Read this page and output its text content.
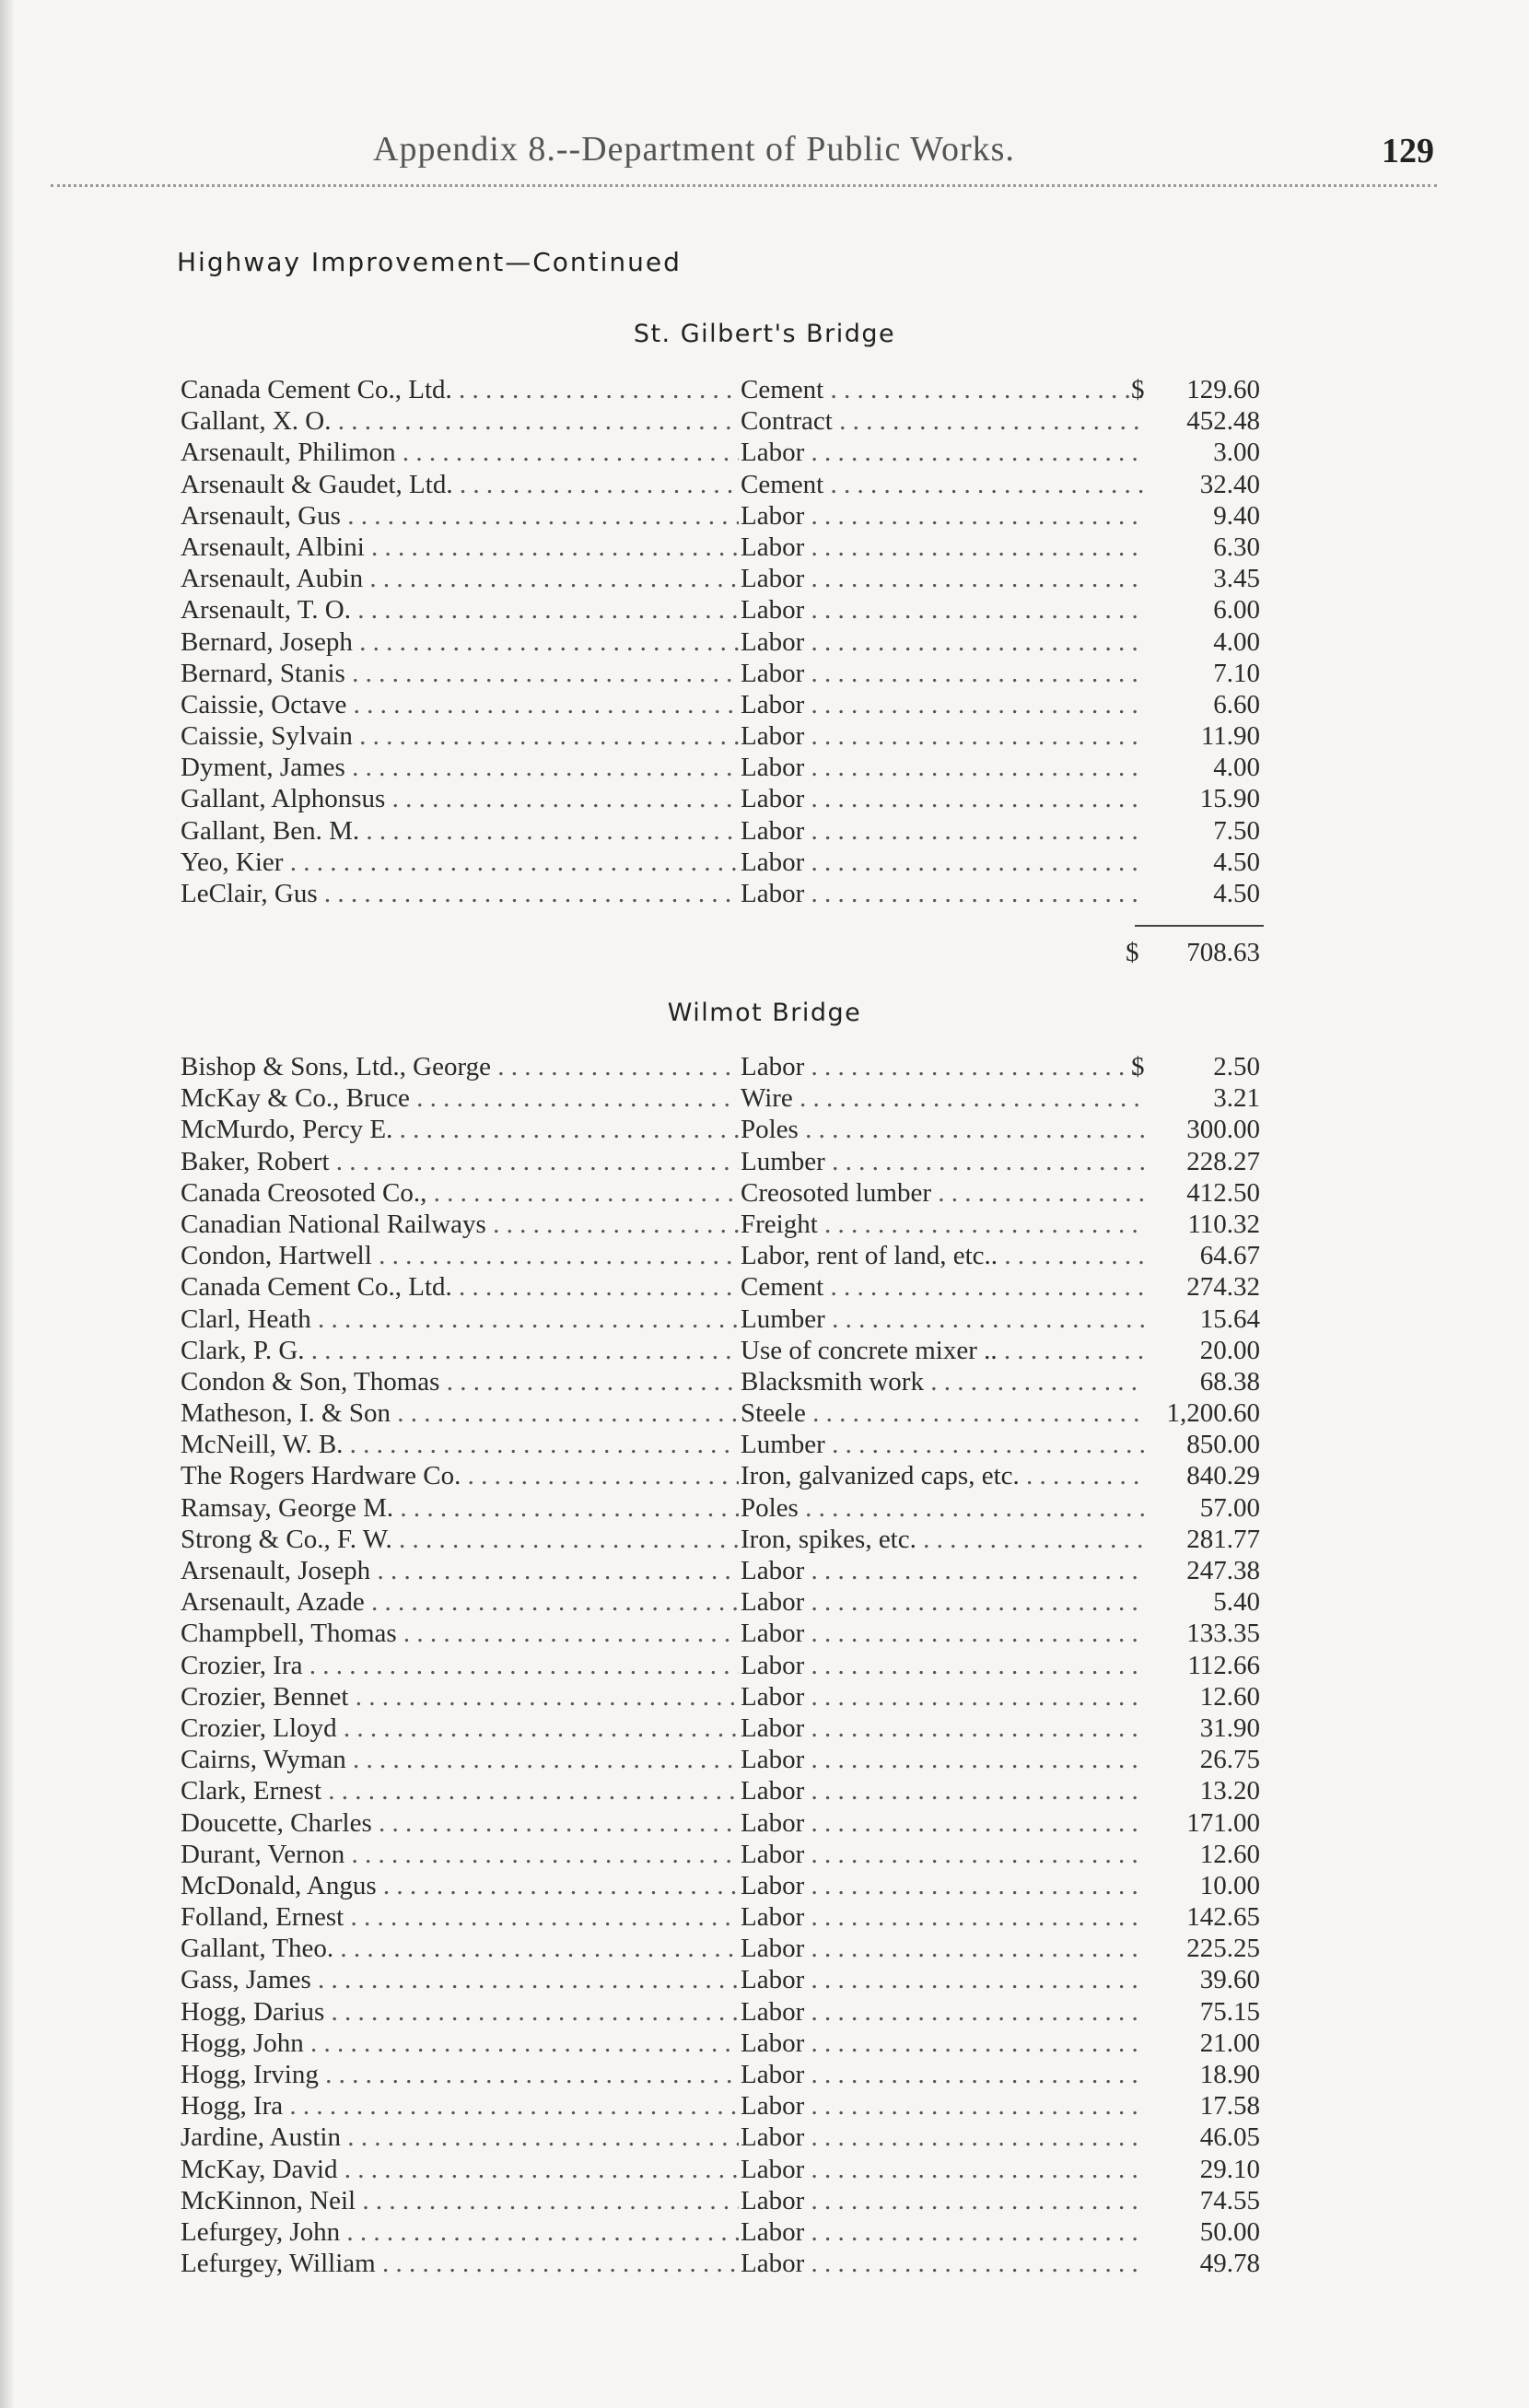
Appendix 8.--Department of Public Works.	129
Highway Improvement—Continued
St. Gilbert's Bridge
Canada Cement Co., Ltd. . . .	Cement . . .	$ 129.60
Gallant, X. O. . . .	Contract . . .	452.48
Arsenault, Philimon . . .	Labor . . .	3.00
Arsenault & Gaudet, Ltd. . . .	Cement . . .	32.40
Arsenault, Gus . . .	Labor . . .	9.40
Arsenault, Albini . . .	Labor . . .	6.30
Arsenault, Aubin . . .	Labor . . .	3.45
Arsenault, T. O. . . .	Labor . . .	6.00
Bernard, Joseph . . .	Labor . . .	4.00
Bernard, Stanis . . .	Labor . . .	7.10
Caissie, Octave . . .	Labor . . .	6.60
Caissie, Sylvain . . .	Labor . . .	11.90
Dyment, James . . .	Labor . . .	4.00
Gallant, Alphonsus . . .	Labor . . .	15.90
Gallant, Ben. M. . . .	Labor . . .	7.50
Yeo, Kier . . .	Labor . . .	4.50
LeClair, Gus . . .	Labor . . .	4.50
$ 708.63
Wilmot Bridge
Bishop & Sons, Ltd., George . . .	Labor . . .	$	2.50
McKay & Co., Bruce . . .	Wire . . .	3.21
McMurdo, Percy E. . . .	Poles . . .	300.00
Baker, Robert . . .	Lumber . . .	228.27
Canada Creosoted Co., . . .	Creosoted lumber . . .	412.50
Canadian National Railways . . .	Freight . . .	110.32
Condon, Hartwell . . .	Labor, rent of land, etc.. . . .	64.67
Canada Cement Co., Ltd. . . .	Cement . . .	274.32
Clarl, Heath . . .	Lumber . . .	15.64
Clark, P. G. . . .	Use of concrete mixer .. . . .	20.00
Condon & Son, Thomas . . .	Blacksmith work . . .	68.38
Matheson, I. & Son . . .	Steele . . .	1,200.60
McNeill, W. B. . . .	Lumber . . .	850.00
The Rogers Hardware Co. . . .	Iron, galvanized caps, etc. . . .	840.29
Ramsay, George M. . . .	Poles . . .	57.00
Strong & Co., F. W. . . .	Iron, spikes, etc. . . .	281.77
Arsenault, Joseph . . .	Labor . . .	247.38
Arsenault, Azade . . .	Labor . . .	5.40
Champbell, Thomas . . .	Labor . . .	133.35
Crozier, Ira . . .	Labor . . .	112.66
Crozier, Bennet . . .	Labor . . .	12.60
Crozier, Lloyd . . .	Labor . . .	31.90
Cairns, Wyman . . .	Labor . . .	26.75
Clark, Ernest . . .	Labor . . .	13.20
Doucette, Charles . . .	Labor . . .	171.00
Durant, Vernon . . .	Labor . . .	12.60
McDonald, Angus . . .	Labor . . .	10.00
Folland, Ernest . . .	Labor . . .	142.65
Gallant, Theo. . . .	Labor . . .	225.25
Gass, James . . .	Labor . . .	39.60
Hogg, Darius . . .	Labor . . .	75.15
Hogg, John . . .	Labor . . .	21.00
Hogg, Irving . . .	Labor . . .	18.90
Hogg, Ira . . .	Labor . . .	17.58
Jardine, Austin . . .	Labor . . .	46.05
McKay, David . . .	Labor . . .	29.10
McKinnon, Neil . . .	Labor . . .	74.55
Lefurgey, John . . .	Labor . . .	50.00
Lefurgey, William . . .	Labor . . .	49.78
